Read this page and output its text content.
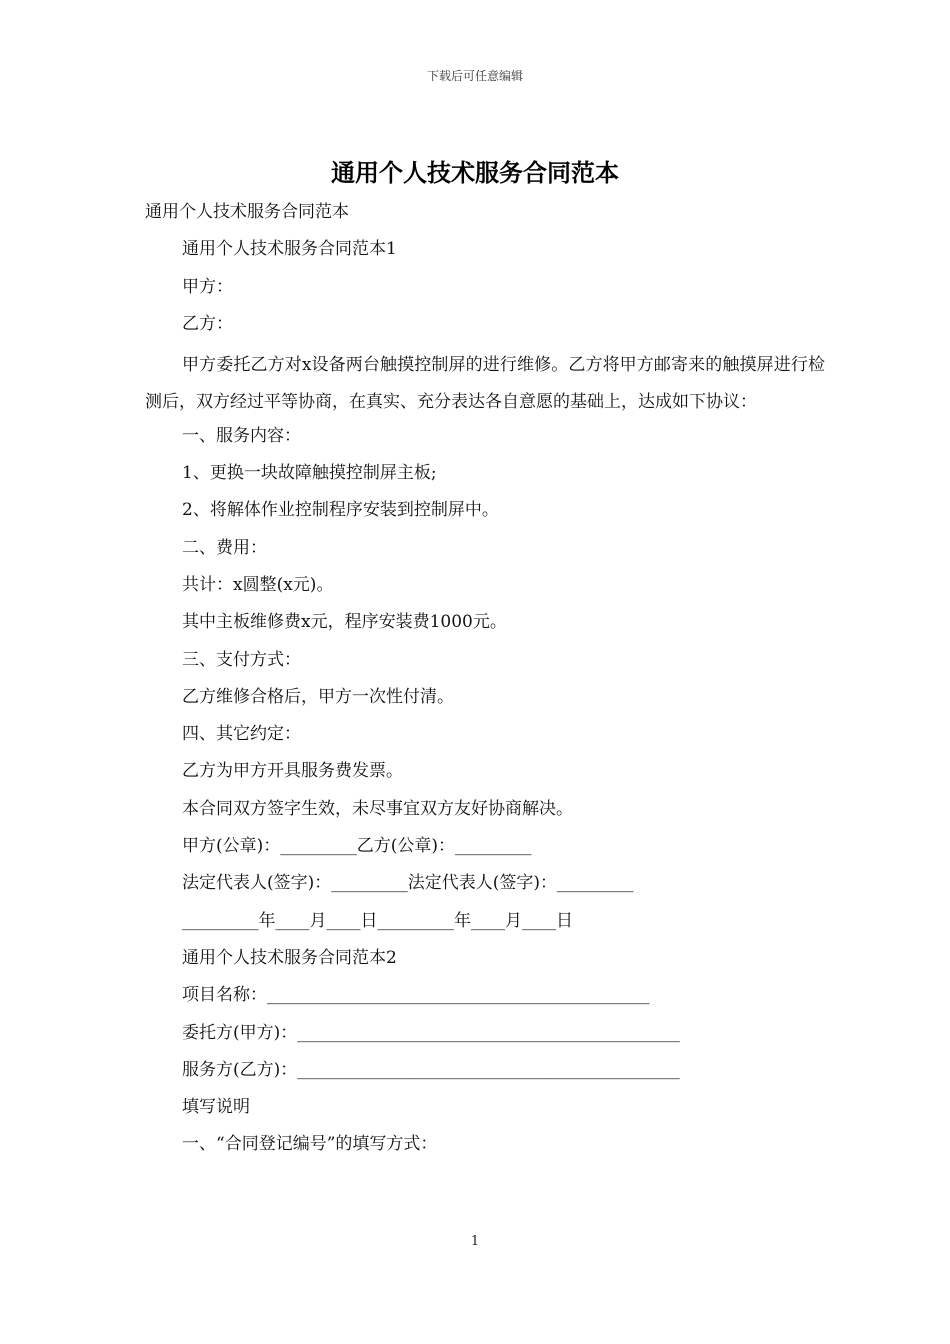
下载后可任意编辑
通用个人技术服务合同范本
通用个人技术服务合同范本
通用个人技术服务合同范本1
甲方：
乙方：
甲方委托乙方对x设备两台触摸控制屏的进行维修。乙方将甲方邮寄来的触摸屏进行检测后，双方经过平等协商，在真实、充分表达各自意愿的基础上，达成如下协议：
一、服务内容：
1、更换一块故障触摸控制屏主板;
2、将解体作业控制程序安装到控制屏中。
二、费用：
共计：x圆整(x元)。
其中主板维修费x元，程序安装费1000元。
三、支付方式：
乙方维修合格后，甲方一次性付清。
四、其它约定：
乙方为甲方开具服务费发票。
本合同双方签字生效，未尽事宜双方友好协商解决。
甲方(公章)：_________乙方(公章)：_________
法定代表人(签字)：_________法定代表人(签字)：_________
_________年____月____日_________年____月____日
通用个人技术服务合同范本2
项目名称：_____________________________________________
委托方(甲方)：_____________________________________________
服务方(乙方)：_____________________________________________
填写说明
一、“合同登记编号”的填写方式：
1
